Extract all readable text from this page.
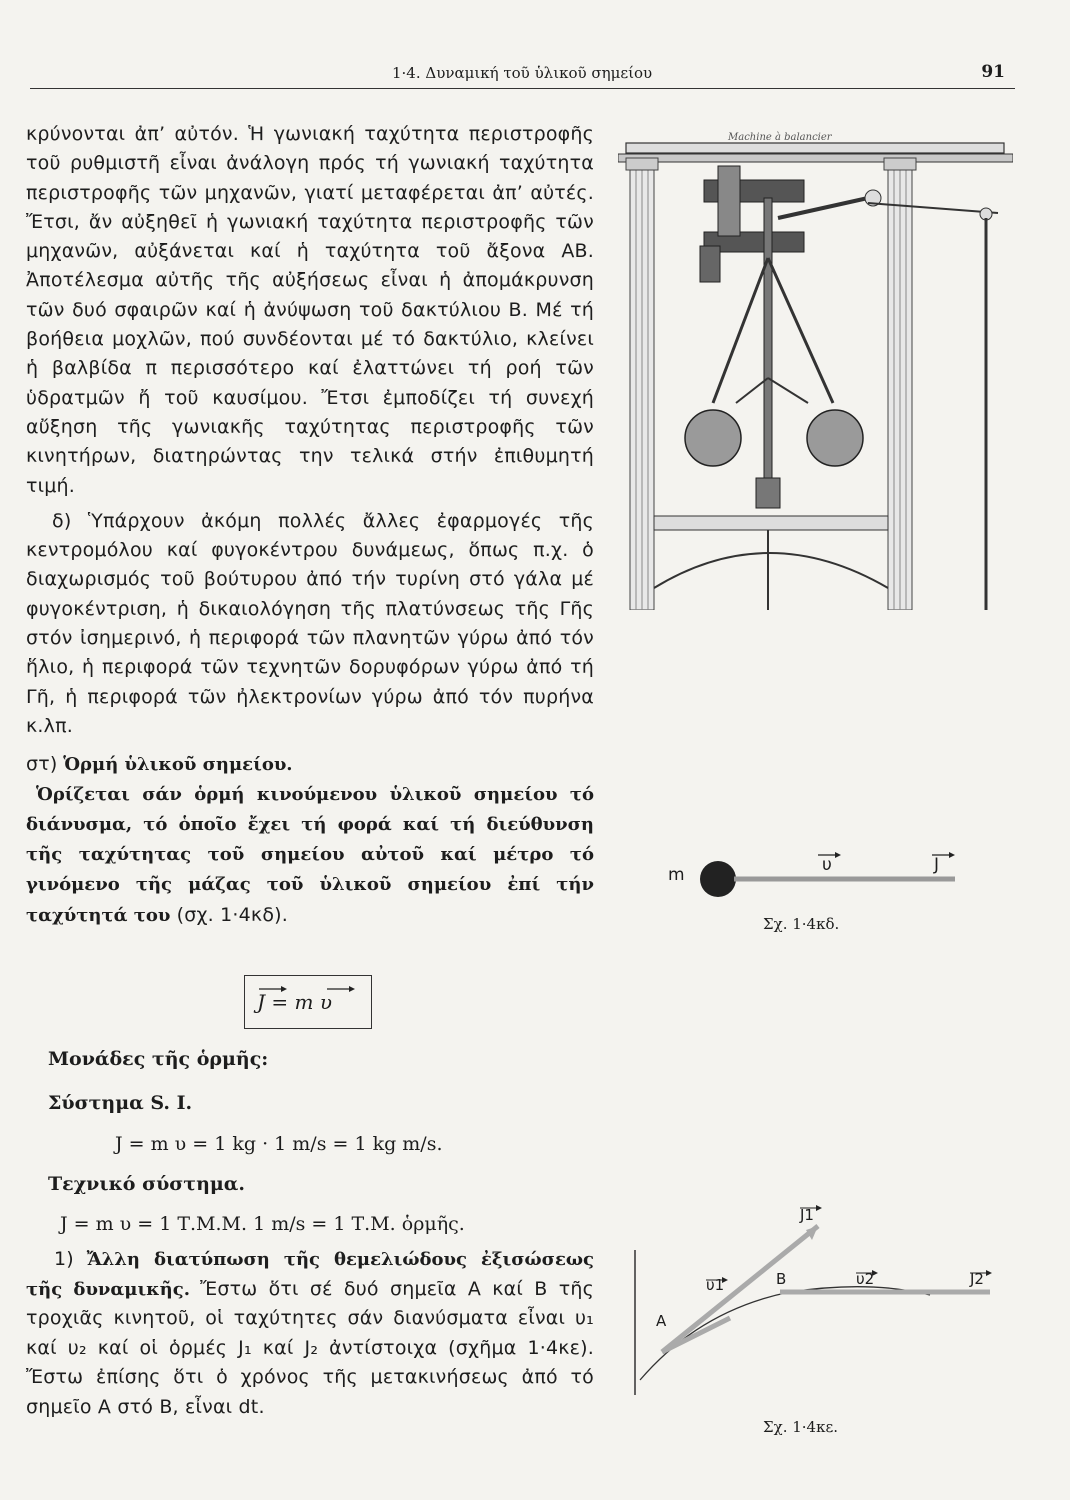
1·4. Δυναμική τοῦ ὑλικοῦ σημείου	91

κρύνονται ἀπ’ αὐτόν. Ἡ γωνιακή ταχύτητα περιστροφῆς τοῦ ρυθμιστῆ εἶναι ἀνάλογη πρός τή γωνιακή ταχύτητα περιστροφῆς τῶν μηχανῶν, γιατί μεταφέρεται ἀπ’ αὐτές. Ἔτσι, ἄν αὐξηθεῖ ἡ γωνιακή ταχύτητα περιστροφῆς τῶν μηχανῶν, αὐξάνεται καί ἡ ταχύτητα τοῦ ἄξονα ΑΒ. Ἀποτέλεσμα αὐτῆς τῆς αὐξήσεως εἶναι ἡ ἀπομάκρυνση τῶν δυό σφαιρῶν καί ἡ ἀνύψωση τοῦ δακτύλιου Β. Μέ τή βοήθεια μοχλῶν, πού συνδέονται μέ τό δακτύλιο, κλείνει ἡ βαλβίδα π περισσότερο καί ἐλαττώνει τή ροή τῶν ὑδρατμῶν ἤ τοῦ καυσίμου. Ἔτσι ἐμποδίζει τή συνεχή αὔξηση τῆς γωνιακῆς ταχύτητας περιστροφῆς τῶν κινητήρων, διατηρώντας την τελικά στήν ἐπιθυμητή τιμή.

δ) Ὑπάρχουν ἀκόμη πολλές ἄλλες ἐφαρμογές τῆς κεντρομόλου καί φυγοκέντρου δυνάμεως, ὅπως π.χ. ὁ διαχωρισμός τοῦ βούτυρου ἀπό τήν τυρίνη στό γάλα μέ φυγοκέντριση, ἡ δικαιολόγηση τῆς πλατύνσεως τῆς Γῆς στόν ἰσημερινό, ἡ περιφορά τῶν πλανητῶν γύρω ἀπό τόν ἥλιο, ἡ περιφορά τῶν τεχνητῶν δορυφόρων γύρω ἀπό τή Γῆ, ἡ περιφορά τῶν ἠλεκτρονίων γύρω ἀπό τόν πυρήνα κ.λπ.

στ) Ὁρμή ὑλικοῦ σημείου.

Ὁρίζεται σάν ὁρμή κινούμενου ὑλικοῦ σημείου τό διάνυσμα, τό ὁποῖο ἔχει τή φορά καί τή διεύθυνση τῆς ταχύτητας τοῦ σημείου αὐτοῦ καί μέτρο τό γινόμενο τῆς μάζας τοῦ ὑλικοῦ σημείου ἐπί τήν ταχύτητά του (σχ. 1·4κδ).

J = m υ
Μονάδες τῆς ὁρμῆς:
Σύστημα S. I.
J = m υ = 1 kg · 1 m/s = 1 kg m/s.
Τεχνικό σύστημα.
J = m υ = 1 Τ.Μ.Μ. 1 m/s = 1 Τ.Μ. ὁρμῆς.
1) Ἄλλη διατύπωση τῆς θεμελιώδους ἐξισώσεως τῆς δυναμικῆς. Ἔστω ὅτι σέ δυό σημεῖα Α καί Β τῆς τροχιᾶς κινητοῦ, οἱ ταχύτητες σάν διανύσματα εἶναι υ₁ καί υ₂ καί οἱ ὁρμές J₁ καί J₂ ἀντίστοιχα (σχῆμα 1·4κε). Ἔστω ἐπίσης ὅτι ὁ χρόνος τῆς μετακινήσεως ἀπό τό σημεῖο Α στό Β, εἶναι dt.
Machine à balancier
m	υ	J
Σχ. 1·4κδ.
A
B
υ1	υ2
J1
J2
Σχ. 1·4κε.
